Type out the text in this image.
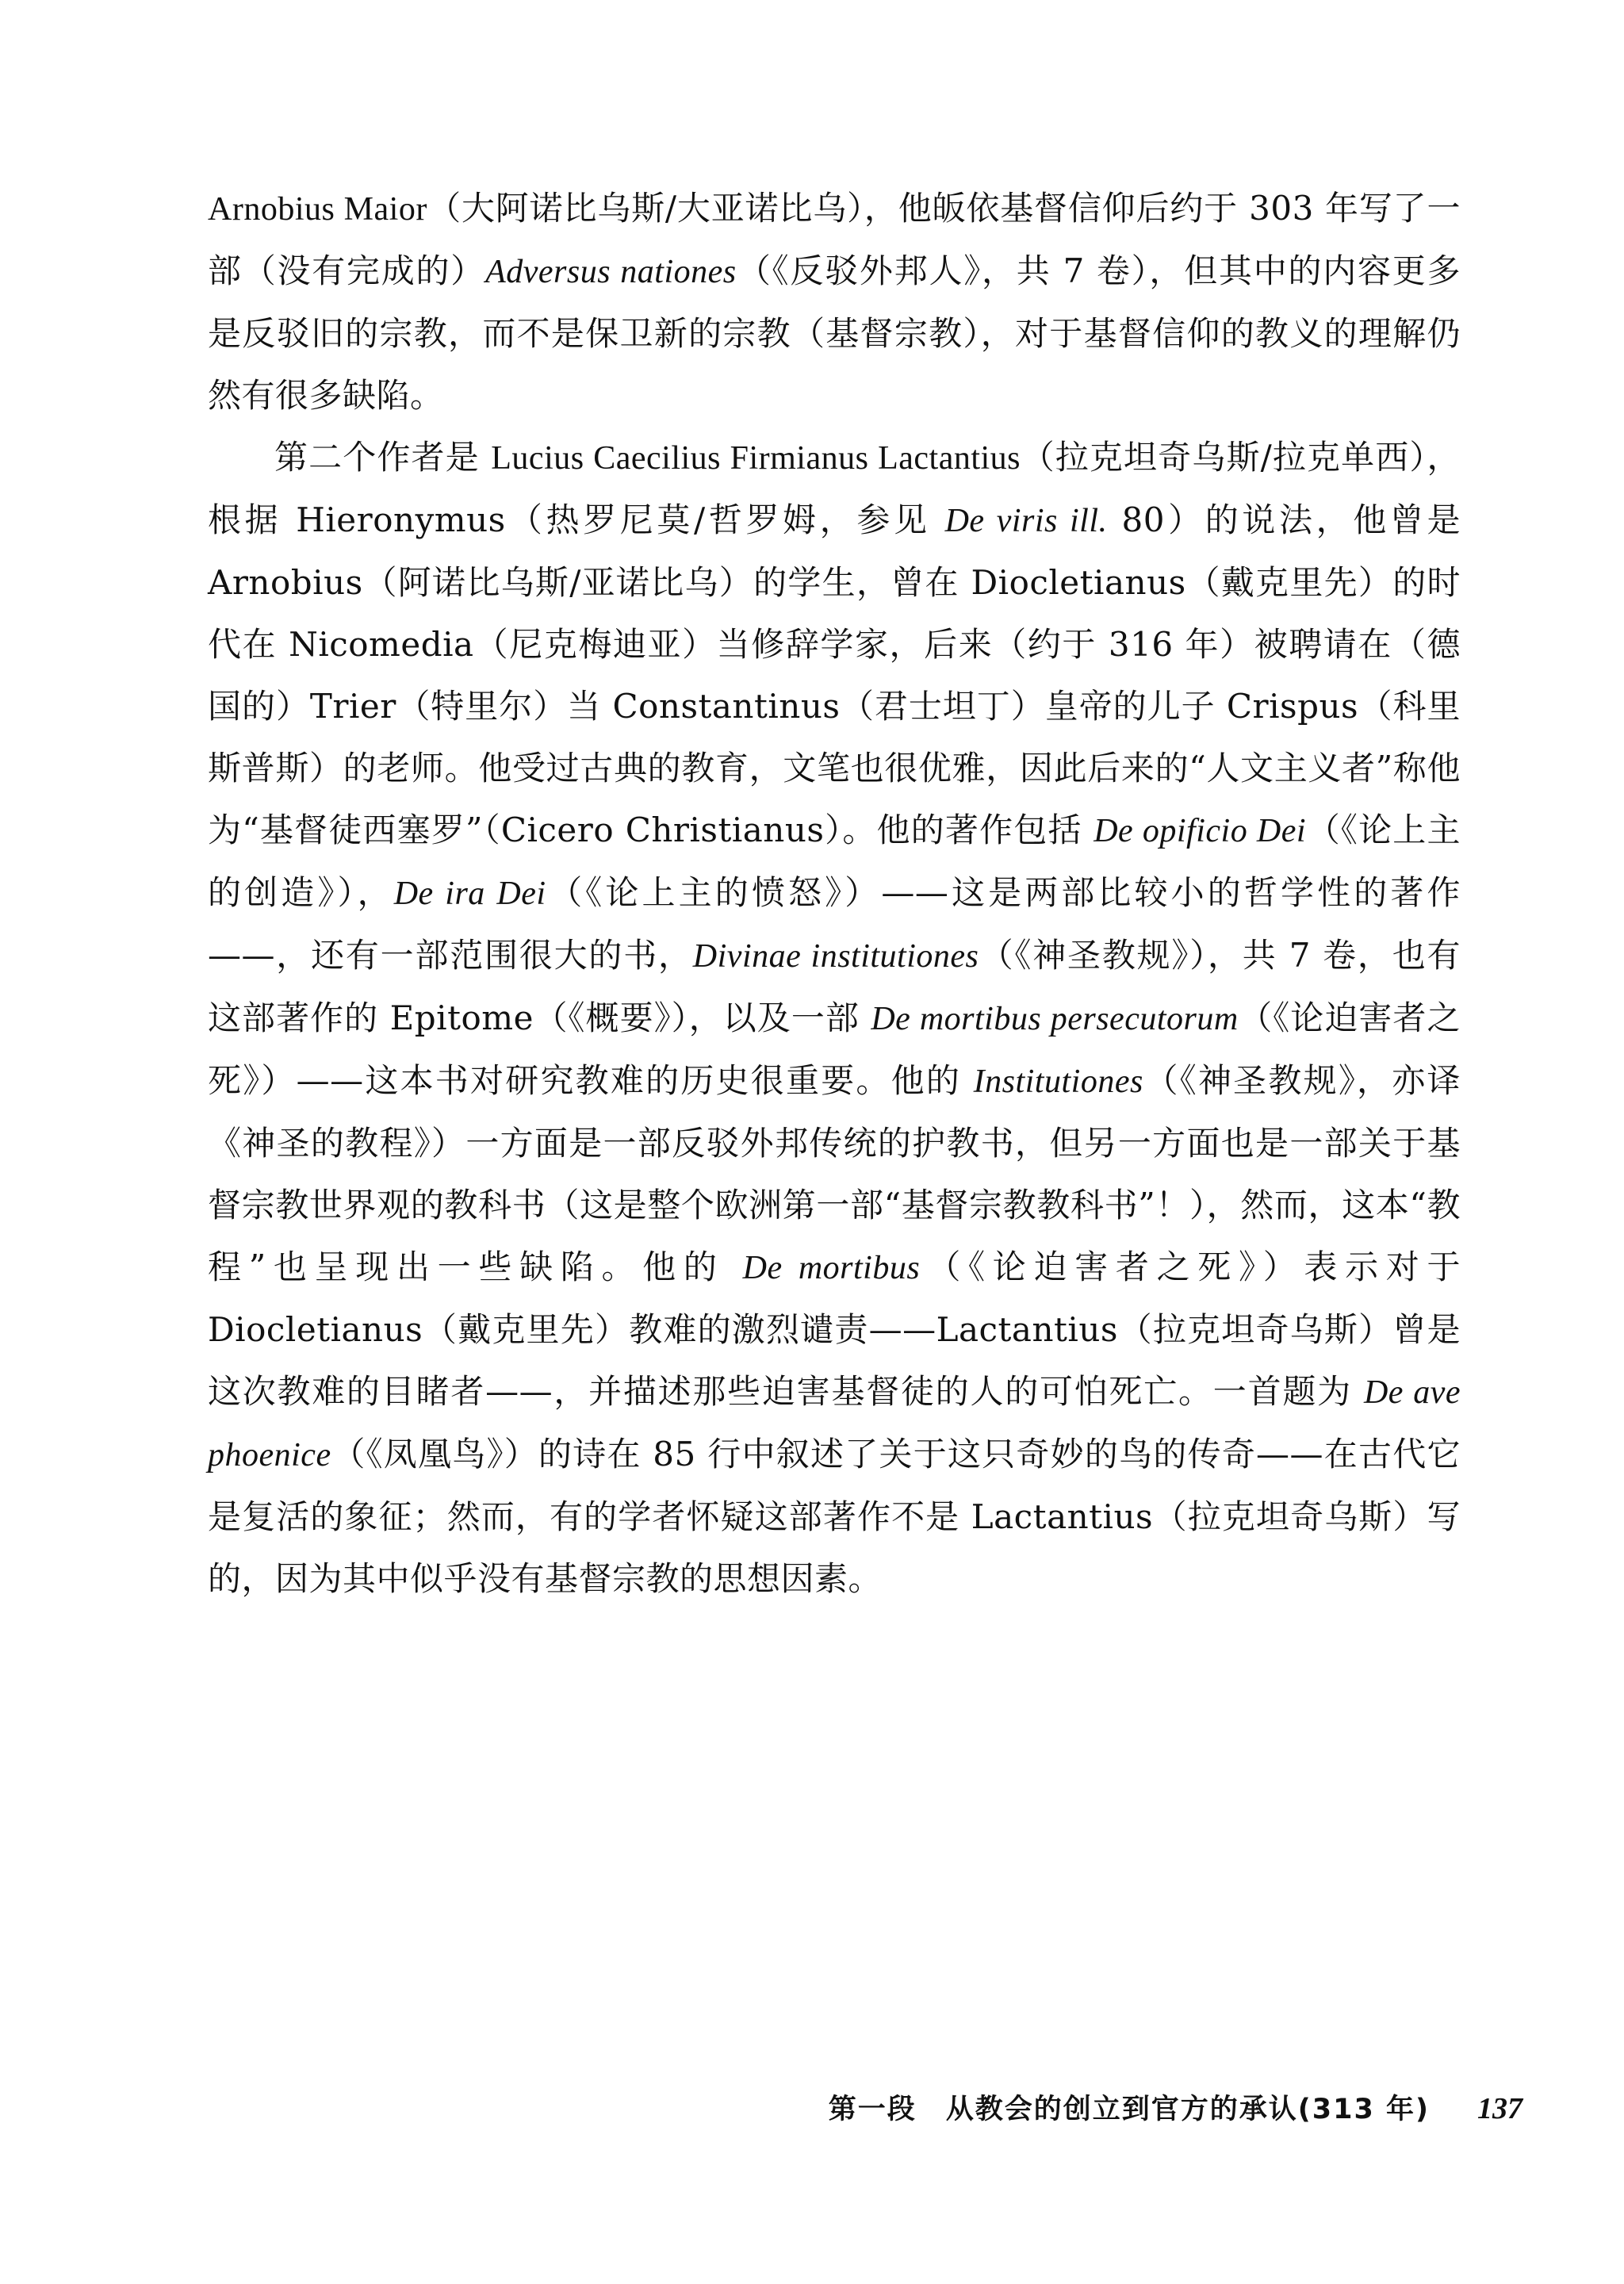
Arnobius Maior（大阿诺比乌斯/大亚诺比乌），他皈依基督信仰后约于 303 年写了一部（没有完成的）Adversus nationes（《反驳外邦人》，共 7 卷），但其中的内容更多是反驳旧的宗教，而不是保卫新的宗教（基督宗教），对于基督信仰的教义的理解仍然有很多缺陷。

第二个作者是 Lucius Caecilius Firmianus Lactantius（拉克坦奇乌斯/拉克单西），根据 Hieronymus（热罗尼莫/哲罗姆，参见 De viris ill. 80）的说法，他曾是 Arnobius（阿诺比乌斯/亚诺比乌）的学生，曾在 Diocletianus（戴克里先）的时代在 Nicomedia（尼克梅迪亚）当修辞学家，后来（约于 316 年）被聘请在（德国的）Trier（特里尔）当 Constantinus（君士坦丁）皇帝的儿子 Crispus（科里斯普斯）的老师。他受过古典的教育，文笔也很优雅，因此后来的“人文主义者”称他为“基督徒西塞罗”（Cicero Christianus）。他的著作包括 De opificio Dei（《论上主的创造》），De ira Dei（《论上主的愤怒》）——这是两部比较小的哲学性的著作——，还有一部范围很大的书，Divinae institutiones（《神圣教规》），共 7 卷，也有这部著作的 Epitome（《概要》），以及一部 De mortibus persecutorum（《论迫害者之死》）——这本书对研究教难的历史很重要。他的 Institutiones（《神圣教规》，亦译《神圣的教程》）一方面是一部反驳外邦传统的护教书，但另一方面也是一部关于基督宗教世界观的教科书（这是整个欧洲第一部“基督宗教教科书”！），然而，这本“教程”也呈现出一些缺陷。他的 De mortibus（《论迫害者之死》）表示对于 Diocletianus（戴克里先）教难的激烈谴责——Lactantius（拉克坦奇乌斯）曾是这次教难的目睹者——，并描述那些迫害基督徒的人的可怕死亡。一首题为 De ave phoenice（《凤凰鸟》）的诗在 85 行中叙述了关于这只奇妙的鸟的传奇——在古代它是复活的象征；然而，有的学者怀疑这部著作不是 Lactantius（拉克坦奇乌斯）写的，因为其中似乎没有基督宗教的思想因素。

第一段　从教会的创立到官方的承认(313 年) 137
